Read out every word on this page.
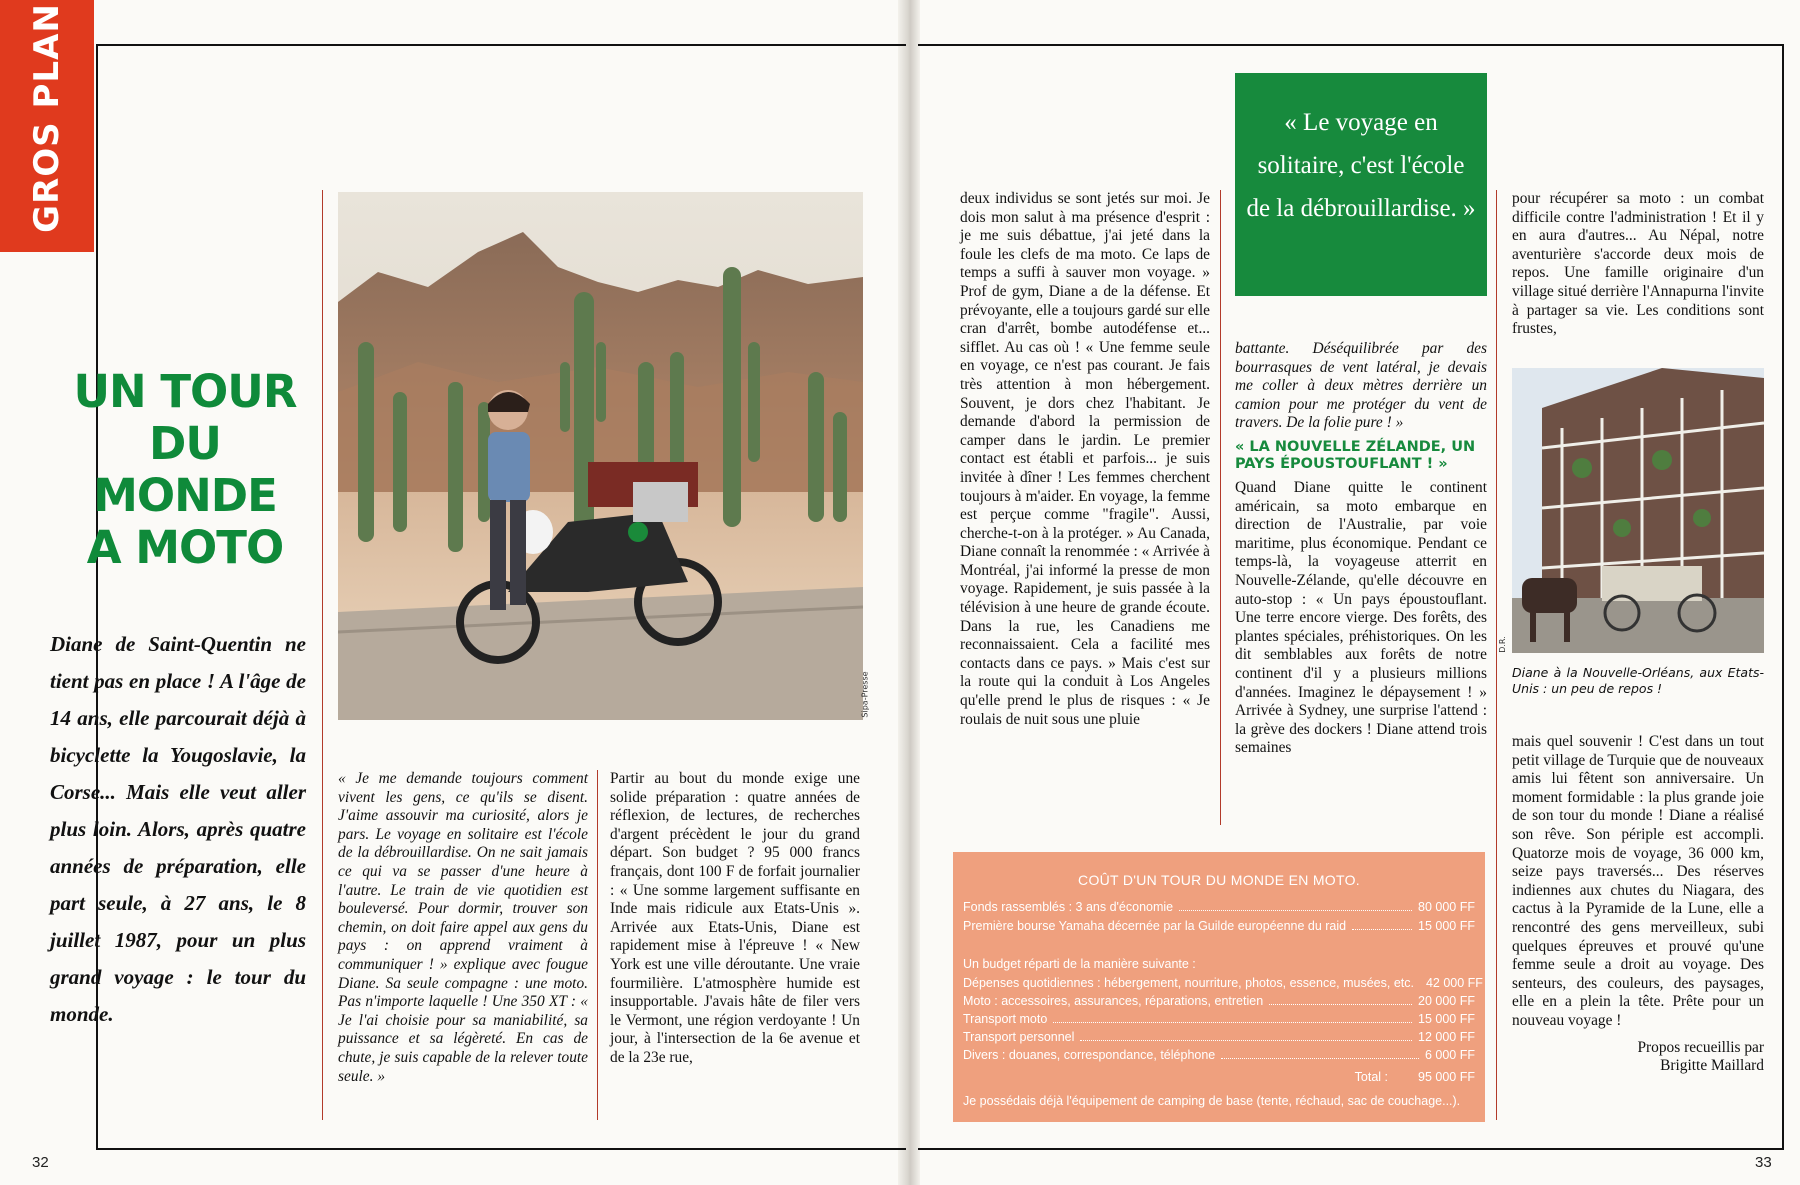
GROS PLAN
UN TOUR
DU
MONDE
A MOTO
Diane de Saint-Quentin ne tient pas en place ! A l'âge de 14 ans, elle parcourait déjà à bicyclette la Yougoslavie, la Corse... Mais elle veut aller plus loin. Alors, après quatre années de préparation, elle part seule, à 27 ans, le 8 juillet 1987, pour un plus grand voyage : le tour du monde.
Sipa-Presse
« Je me demande toujours comment vivent les gens, ce qu'ils se disent. J'aime assouvir ma curiosité, alors je pars. Le voyage en solitaire est l'école de la débrouillardise. On ne sait jamais ce qui va se passer d'une heure à l'autre. Le train de vie quotidien est bouleversé. Pour dormir, trouver son chemin, on doit faire appel aux gens du pays : on apprend vraiment à communiquer ! » explique avec fougue Diane. Sa seule compagne : une moto. Pas n'importe laquelle ! Une 350 XT : « Je l'ai choisie pour sa maniabilité, sa puissance et sa légèreté. En cas de chute, je suis capable de la relever toute seule. »
Partir au bout du monde exige une solide préparation : quatre années de réflexion, de lectures, de recherches d'argent précèdent le jour du grand départ. Son budget ? 95 000 francs français, dont 100 F de forfait journalier : « Une somme largement suffisante en Inde mais ridicule aux Etats-Unis ». Arrivée aux Etats-Unis, Diane est rapidement mise à l'épreuve ! « New York est une ville déroutante. Une vraie fourmilière. L'atmosphère humide est insupportable. J'avais hâte de filer vers le Vermont, une région verdoyante ! Un jour, à l'intersection de la 6e avenue et de la 23e rue,
deux individus se sont jetés sur moi. Je dois mon salut à ma présence d'esprit : je me suis débattue, j'ai jeté dans la foule les clefs de ma moto. Ce laps de temps a suffi à sauver mon voyage. » Prof de gym, Diane a de la défense. Et prévoyante, elle a toujours gardé sur elle cran d'arrêt, bombe autodéfense et... sifflet. Au cas où ! « Une femme seule en voyage, ce n'est pas courant. Je fais très attention à mon hébergement. Souvent, je dors chez l'habitant. Je demande d'abord la permission de camper dans le jardin. Le premier contact est établi et parfois... je suis invitée à dîner ! Les femmes cherchent toujours à m'aider. En voyage, la femme est perçue comme "fragile". Aussi, cherche-t-on à la protéger. » Au Canada, Diane connaît la renommée : « Arrivée à Montréal, j'ai informé la presse de mon voyage. Rapidement, je suis passée à la télévision à une heure de grande écoute. Dans la rue, les Canadiens me reconnaissaient. Cela a facilité mes contacts dans ce pays. » Mais c'est sur la route qui la conduit à Los Angeles qu'elle prend le plus de risques : « Je roulais de nuit sous une pluie
« Le voyage en solitaire, c'est l'école de la débrouillardise. »
battante. Déséquilibrée par des bourrasques de vent latéral, je devais me coller à deux mètres derrière un camion pour me protéger du vent de travers. De la folie pure ! »
« LA NOUVELLE ZÉLANDE, UN PAYS ÉPOUSTOUFLANT ! »
Quand Diane quitte le continent américain, sa moto embarque en direction de l'Australie, par voie maritime, plus économique. Pendant ce temps-là, la voyageuse atterrit en Nouvelle-Zélande, qu'elle découvre en auto-stop : « Un pays époustouflant. Une terre encore vierge. Des forêts, des plantes spéciales, préhistoriques. On les dit semblables aux forêts de notre continent d'il y a plusieurs millions d'années. Imaginez le dépaysement ! » Arrivée à Sydney, une surprise l'attend : la grève des dockers ! Diane attend trois semaines
pour récupérer sa moto : un combat difficile contre l'administration ! Et il y en aura d'autres... Au Népal, notre aventurière s'accorde deux mois de repos. Une famille originaire d'un village situé derrière l'Annapurna l'invite à partager sa vie. Les conditions sont frustes,
D.R.
Diane à la Nouvelle-Orléans, aux Etats-Unis : un peu de repos !
mais quel souvenir ! C'est dans un tout petit village de Turquie que de nouveaux amis lui fêtent son anniversaire. Un moment formidable : la plus grande joie de son tour du monde ! Diane a réalisé son rêve. Son périple est accompli. Quatorze mois de voyage, 36 000 km, seize pays traversés... Des réserves indiennes aux chutes du Niagara, des cactus à la Pyramide de la Lune, elle a rencontré des gens merveilleux, subi quelques épreuves et prouvé qu'une femme seule a droit au voyage. Des senteurs, des couleurs, des paysages, elle en a plein la tête. Prête pour un nouveau voyage !
Propos recueillis par
Brigitte Maillard
COÛT D'UN TOUR DU MONDE EN MOTO.
Fonds rassemblés : 3 ans d'économie	80 000 FF
Première bourse Yamaha décernée par la Guilde européenne du raid	15 000 FF
Un budget réparti de la manière suivante :
Dépenses quotidiennes : hébergement, nourriture, photos, essence, musées, etc. 42 000 FF
Moto : accessoires, assurances, réparations, entretien	20 000 FF
Transport moto	15 000 FF
Transport personnel	12 000 FF
Divers : douanes, correspondance, téléphone	6 000 FF
Total : 95 000 FF
Je possédais déjà l'équipement de camping de base (tente, réchaud, sac de couchage...).
32	33
